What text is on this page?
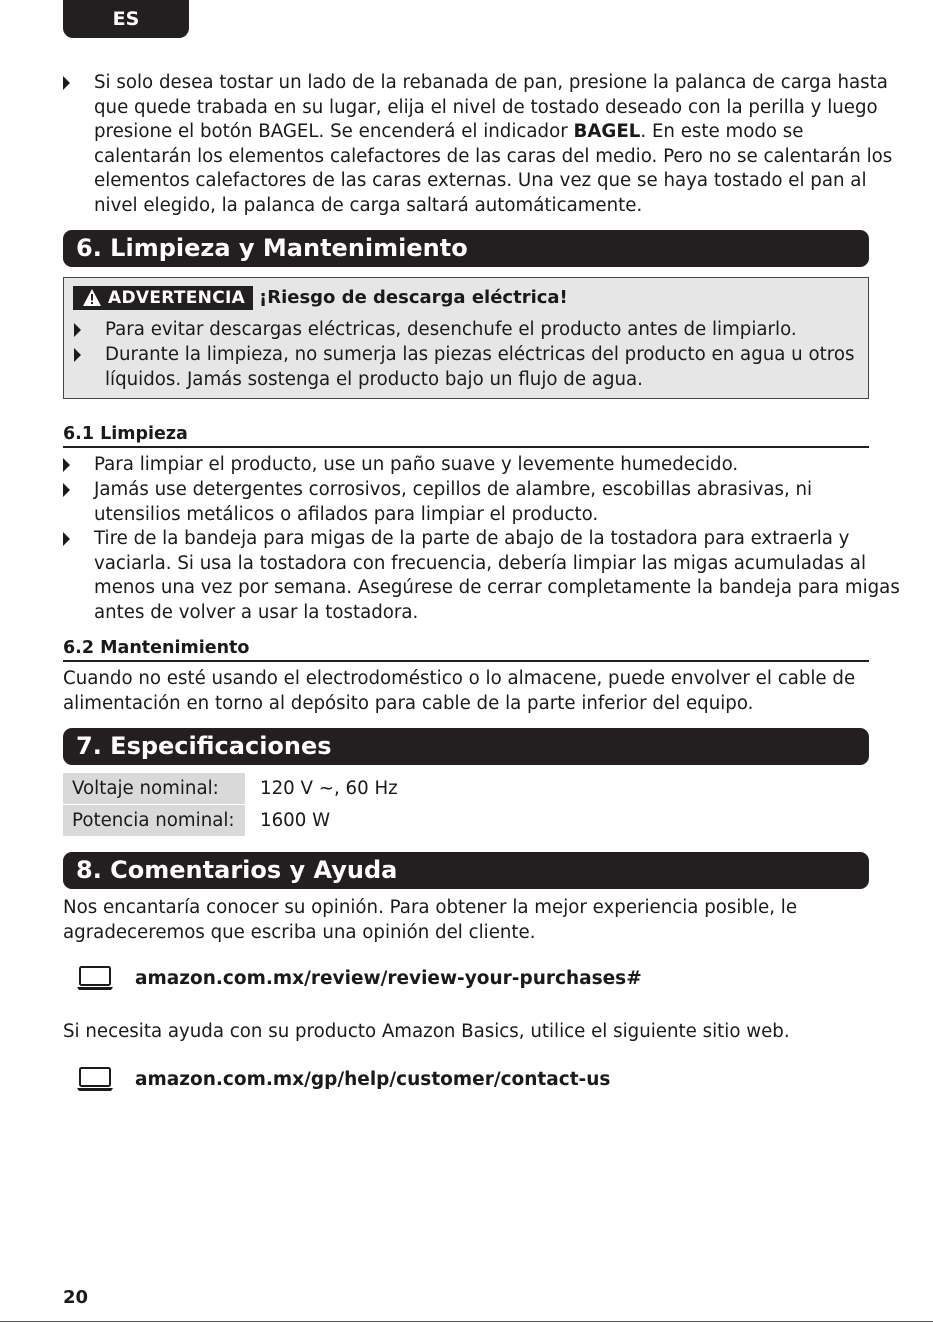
ES
Si solo desea tostar un lado de la rebanada de pan, presione la palanca de carga hasta que quede trabada en su lugar, elija el nivel de tostado deseado con la perilla y luego presione el botón BAGEL. Se encenderá el indicador BAGEL. En este modo se calentarán los elementos calefactores de las caras del medio. Pero no se calentarán los elementos calefactores de las caras externas. Una vez que se haya tostado el pan al nivel elegido, la palanca de carga saltará automáticamente.
6. Limpieza y Mantenimiento
ADVERTENCIA ¡Riesgo de descarga eléctrica!
Para evitar descargas eléctricas, desenchufe el producto antes de limpiarlo.
Durante la limpieza, no sumerja las piezas eléctricas del producto en agua u otros líquidos. Jamás sostenga el producto bajo un flujo de agua.
6.1 Limpieza
Para limpiar el producto, use un paño suave y levemente humedecido.
Jamás use detergentes corrosivos, cepillos de alambre, escobillas abrasivas, ni utensilios metálicos o afilados para limpiar el producto.
Tire de la bandeja para migas de la parte de abajo de la tostadora para extraerla y vaciarla. Si usa la tostadora con frecuencia, debería limpiar las migas acumuladas al menos una vez por semana. Asegúrese de cerrar completamente la bandeja para migas antes de volver a usar la tostadora.
6.2 Mantenimiento
Cuando no esté usando el electrodoméstico o lo almacene, puede envolver el cable de alimentación en torno al depósito para cable de la parte inferior del equipo.
7. Especificaciones
Voltaje nominal:	120 V ~, 60 Hz
Potencia nominal:	1600 W
8. Comentarios y Ayuda
Nos encantaría conocer su opinión. Para obtener la mejor experiencia posible, le agradeceremos que escriba una opinión del cliente.
amazon.com.mx/review/review-your-purchases#
Si necesita ayuda con su producto Amazon Basics, utilice el siguiente sitio web.
amazon.com.mx/gp/help/customer/contact-us
20
